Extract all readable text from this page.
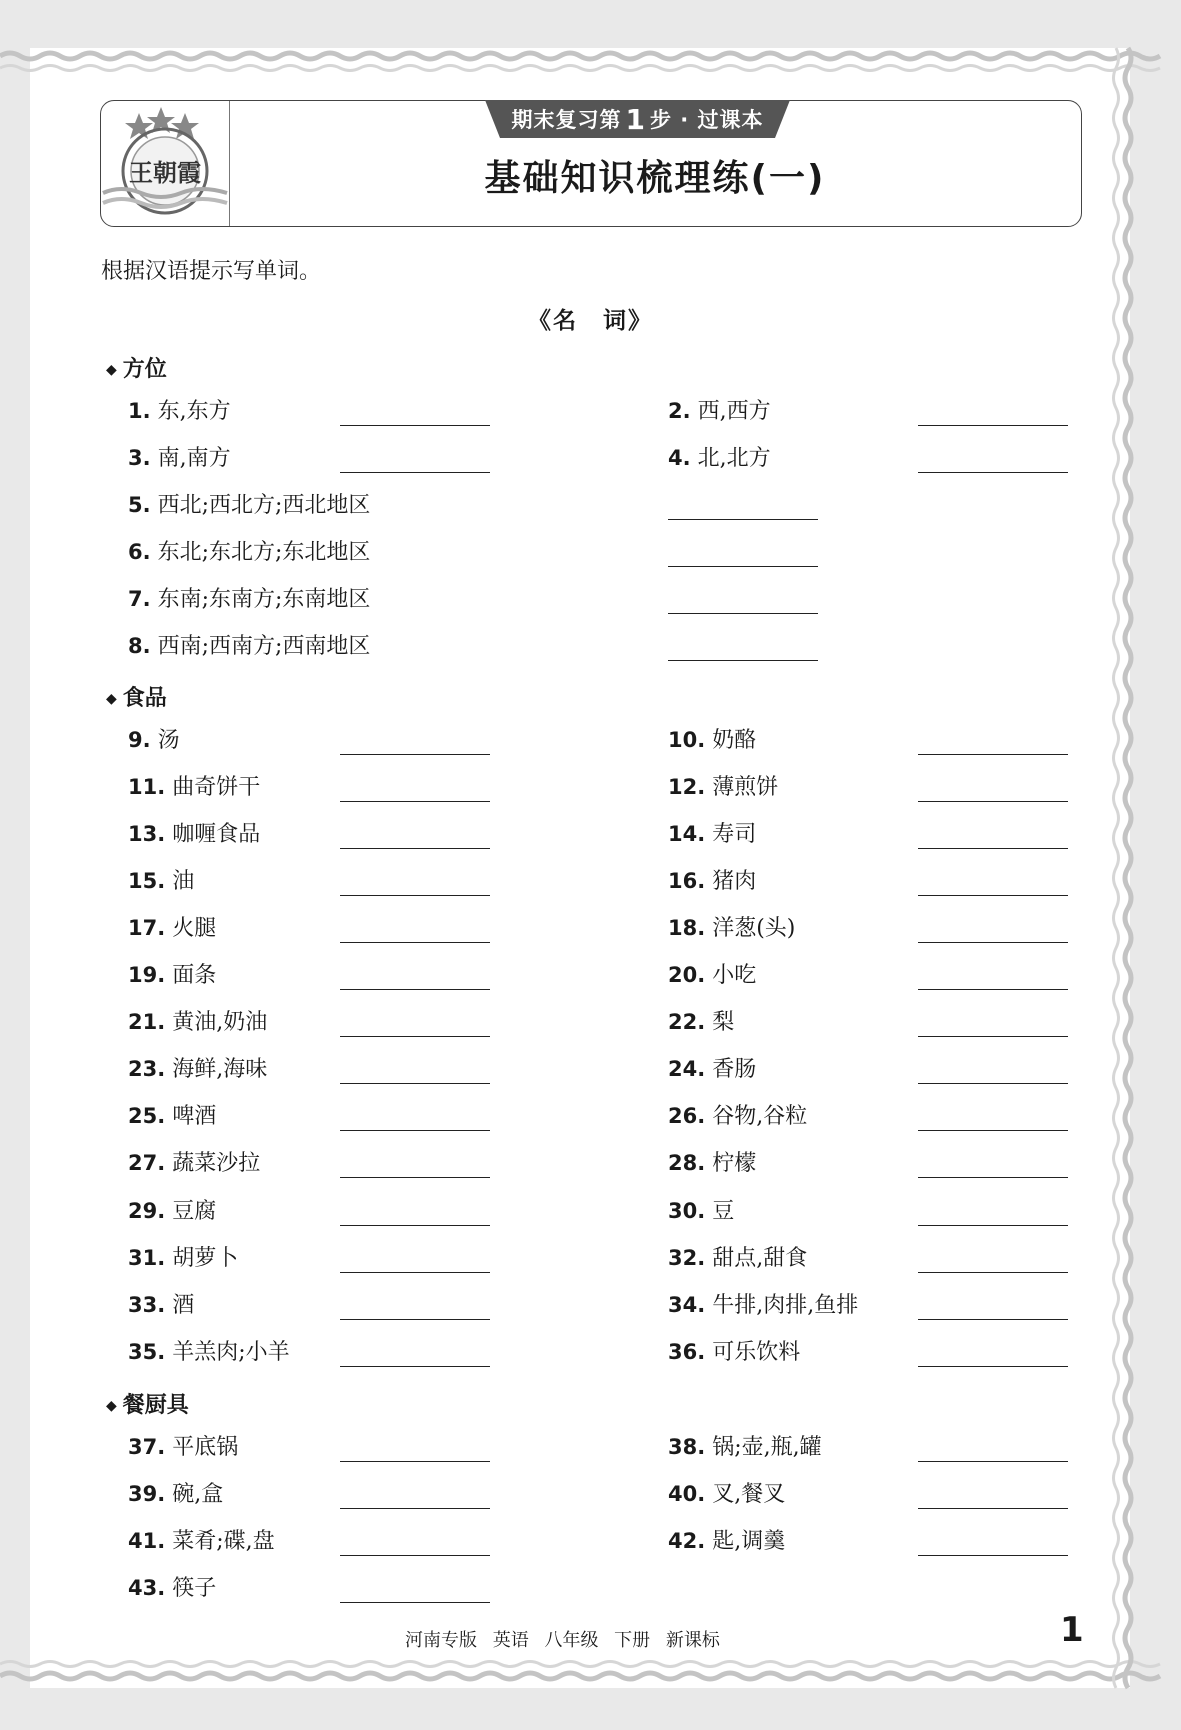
王朝霞
期末复习第 1 步 · 过课本
基础知识梳理练(一)
根据汉语提示写单词。
《名　词》
◆ 方位
◆ 食品
◆ 餐厨具
1. 东,东方	2. 西,西方
3. 南,南方	4. 北,北方
5. 西北;西北方;西北地区
6. 东北;东北方;东北地区
7. 东南;东南方;东南地区
8. 西南;西南方;西南地区
9. 汤	10. 奶酪
11. 曲奇饼干	12. 薄煎饼
13. 咖喱食品	14. 寿司
15. 油	16. 猪肉
17. 火腿	18. 洋葱(头)
19. 面条	20. 小吃
21. 黄油,奶油	22. 梨
23. 海鲜,海味	24. 香肠
25. 啤酒	26. 谷物,谷粒
27. 蔬菜沙拉	28. 柠檬
29. 豆腐	30. 豆
31. 胡萝卜	32. 甜点,甜食
33. 酒	34. 牛排,肉排,鱼排
35. 羊羔肉;小羊	36. 可乐饮料
37. 平底锅	38. 锅;壶,瓶,罐
39. 碗,盒	40. 叉,餐叉
41. 菜肴;碟,盘	42. 匙,调羹
43. 筷子
河南专版 英语 八年级 下册 新课标	1
